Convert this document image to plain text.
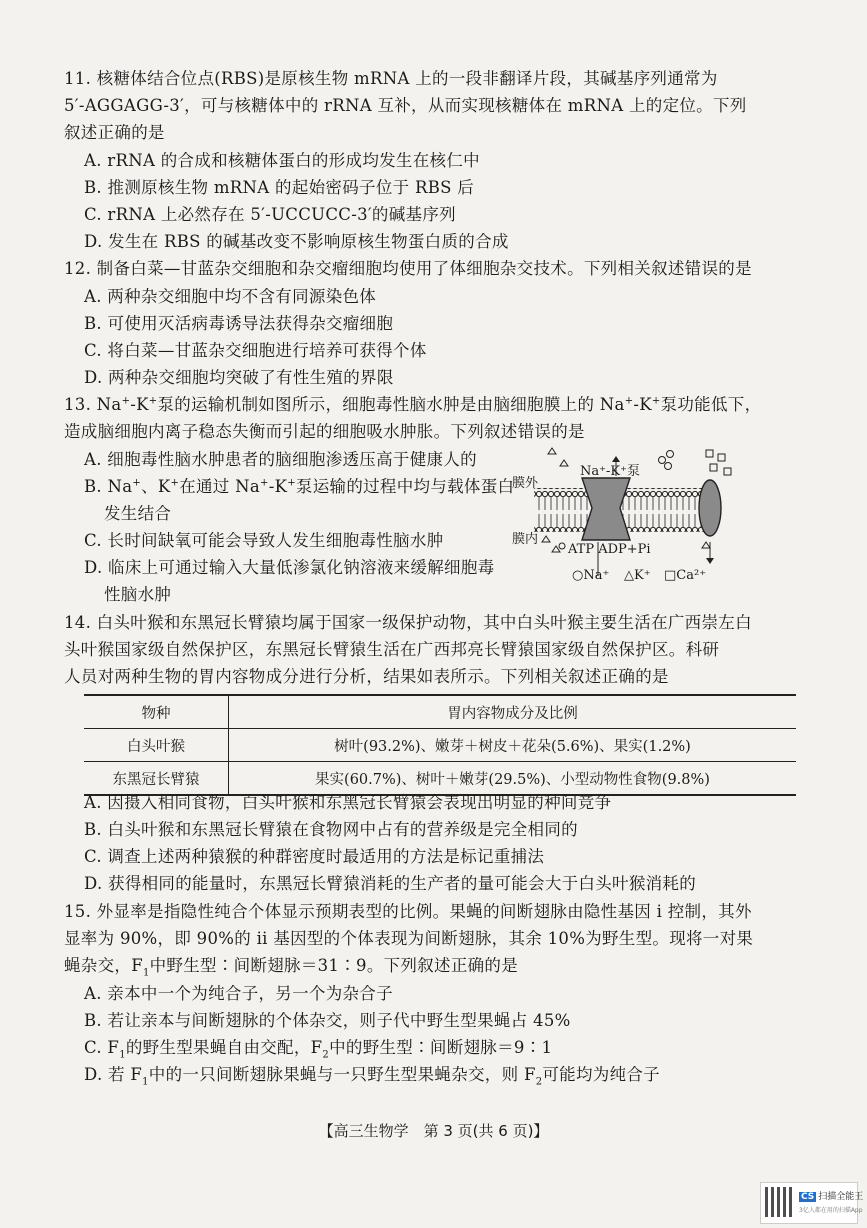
11. 核糖体结合位点(RBS)是原核生物 mRNA 上的一段非翻译片段，其碱基序列通常为
5′-AGGAGG-3′，可与核糖体中的 rRNA 互补，从而实现核糖体在 mRNA 上的定位。下列
叙述正确的是
A. rRNA 的合成和核糖体蛋白的形成均发生在核仁中
B. 推测原核生物 mRNA 的起始密码子位于 RBS 后
C. rRNA 上必然存在 5′-UCCUCC-3′的碱基序列
D. 发生在 RBS 的碱基改变不影响原核生物蛋白质的合成
12. 制备白菜—甘蓝杂交细胞和杂交瘤细胞均使用了体细胞杂交技术。下列相关叙述错误的是
A. 两种杂交细胞中均不含有同源染色体
B. 可使用灭活病毒诱导法获得杂交瘤细胞
C. 将白菜—甘蓝杂交细胞进行培养可获得个体
D. 两种杂交细胞均突破了有性生殖的界限
13. Na+-K+泵的运输机制如图所示，细胞毒性脑水肿是由脑细胞膜上的 Na+-K+泵功能低下，
造成脑细胞内离子稳态失衡而引起的细胞吸水肿胀。下列叙述错误的是
A. 细胞毒性脑水肿患者的脑细胞渗透压高于健康人的
B. Na+、K+在通过 Na+-K+泵运输的过程中均与载体蛋白
发生结合
C. 长时间缺氧可能会导致人发生细胞毒性脑水肿
D. 临床上可通过输入大量低渗氯化钠溶液来缓解细胞毒
性脑水肿
膜外
膜内
Na⁺-K⁺泵
ATP ADP+Pi
○Na⁺ △K⁺ □Ca²⁺
14. 白头叶猴和东黑冠长臂猿均属于国家一级保护动物，其中白头叶猴主要生活在广西崇左白
头叶猴国家级自然保护区，东黑冠长臂猿生活在广西邦亮长臂猿国家级自然保护区。科研
人员对两种生物的胃内容物成分进行分析，结果如表所示。下列相关叙述正确的是
物种	胃内容物成分及比例
白头叶猴	树叶(93.2%)、嫩芽＋树皮＋花朵(5.6%)、果实(1.2%)
东黑冠长臂猿	果实(60.7%)、树叶＋嫩芽(29.5%)、小型动物性食物(9.8%)
A. 因摄入相同食物，白头叶猴和东黑冠长臂猿会表现出明显的种间竞争
B. 白头叶猴和东黑冠长臂猿在食物网中占有的营养级是完全相同的
C. 调查上述两种猿猴的种群密度时最适用的方法是标记重捕法
D. 获得相同的能量时，东黑冠长臂猿消耗的生产者的量可能会大于白头叶猴消耗的
15. 外显率是指隐性纯合个体显示预期表型的比例。果蝇的间断翅脉由隐性基因 i 控制，其外
显率为 90%，即 90%的 ii 基因型的个体表现为间断翅脉，其余 10%为野生型。现将一对果
蝇杂交，$F_1$中野生型∶间断翅脉＝31∶9。下列叙述正确的是
A. 亲本中一个为纯合子，另一个为杂合子
B. 若让亲本与间断翅脉的个体杂交，则子代中野生型果蝇占 45%
C. $F_1$的野生型果蝇自由交配，$F_2$中的野生型∶间断翅脉＝9∶1
D. 若 $F_1$中的一只间断翅脉果蝇与一只野生型果蝇杂交，则 $F_2$可能均为纯合子
【高三生物学　第 3 页(共 6 页)】
CS 扫描全能王
3亿人都在用的扫描App
